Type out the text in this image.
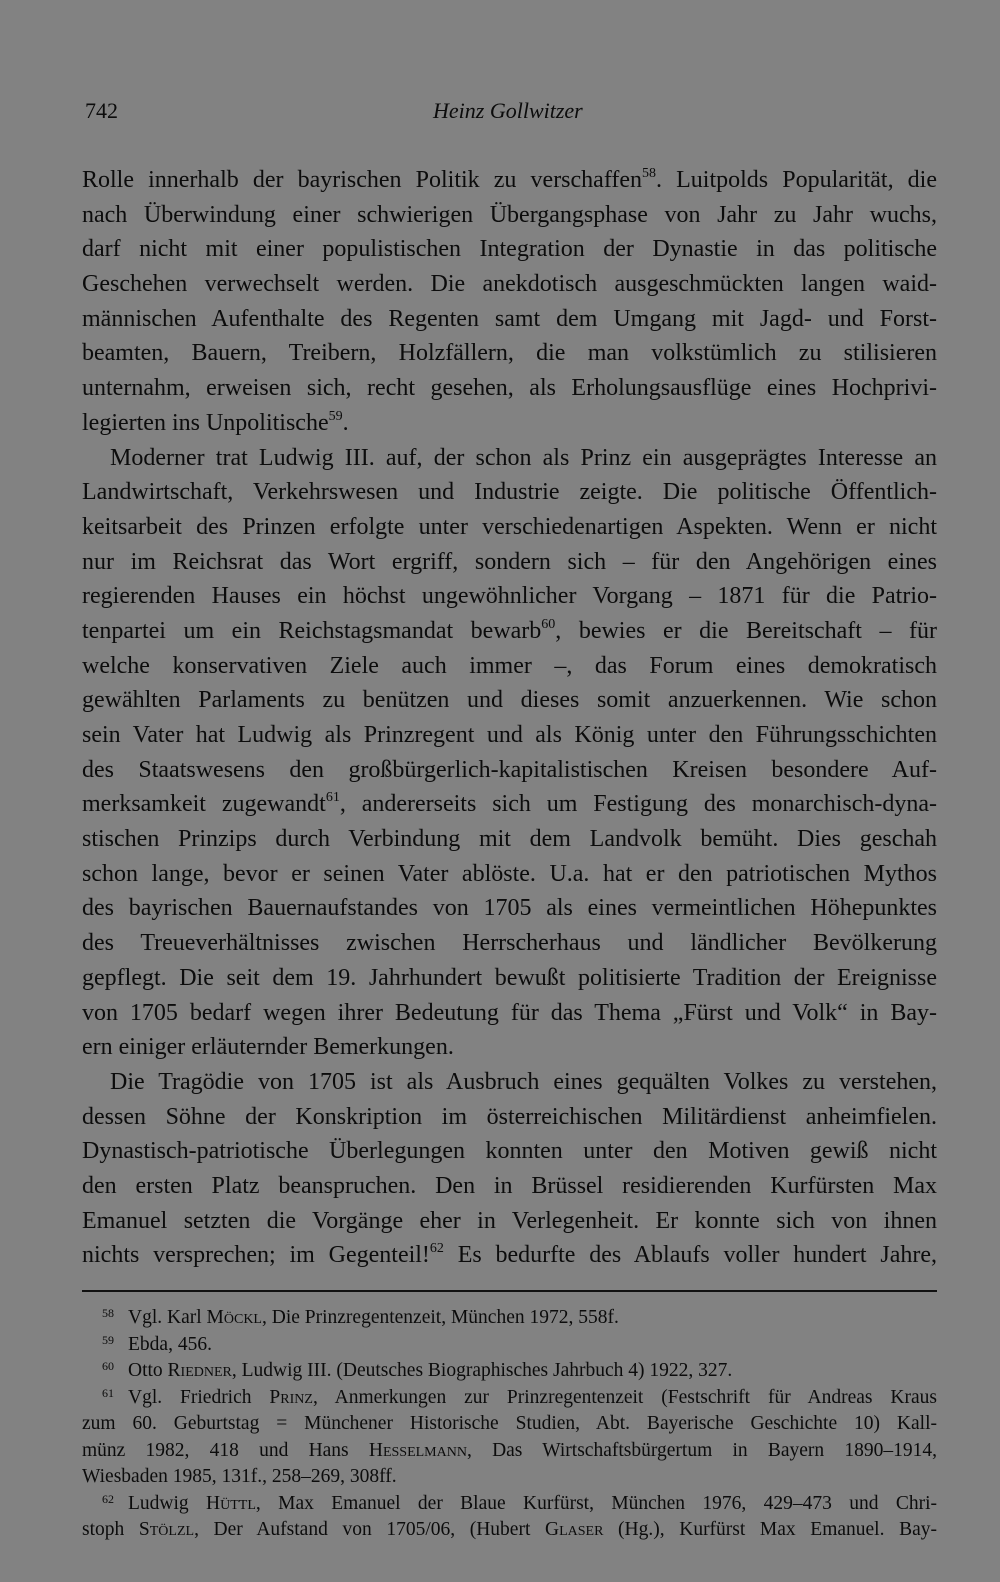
742	Heinz Gollwitzer
Rolle innerhalb der bayrischen Politik zu verschaffen$^{58}$. Luitpolds Popularität, die
nach Überwindung einer schwierigen Übergangsphase von Jahr zu Jahr wuchs,
darf nicht mit einer populistischen Integration der Dynastie in das politische
Geschehen verwechselt werden. Die anekdotisch ausgeschmückten langen waid-
männischen Aufenthalte des Regenten samt dem Umgang mit Jagd- und Forst-
beamten, Bauern, Treibern, Holzfällern, die man volkstümlich zu stilisieren
unternahm, erweisen sich, recht gesehen, als Erholungsausflüge eines Hochprivi-
legierten ins Unpolitische$^{59}$.
Moderner trat Ludwig III. auf, der schon als Prinz ein ausgeprägtes Interesse an
Landwirtschaft, Verkehrswesen und Industrie zeigte. Die politische Öffentlich-
keitsarbeit des Prinzen erfolgte unter verschiedenartigen Aspekten. Wenn er nicht
nur im Reichsrat das Wort ergriff, sondern sich – für den Angehörigen eines
regierenden Hauses ein höchst ungewöhnlicher Vorgang – 1871 für die Patrio-
tenpartei um ein Reichstagsmandat bewarb$^{60}$, bewies er die Bereitschaft – für
welche konservativen Ziele auch immer –, das Forum eines demokratisch
gewählten Parlaments zu benützen und dieses somit anzuerkennen. Wie schon
sein Vater hat Ludwig als Prinzregent und als König unter den Führungsschichten
des Staatswesens den großbürgerlich-kapitalistischen Kreisen besondere Auf-
merksamkeit zugewandt$^{61}$, andererseits sich um Festigung des monarchisch-dyna-
stischen Prinzips durch Verbindung mit dem Landvolk bemüht. Dies geschah
schon lange, bevor er seinen Vater ablöste. U.a. hat er den patriotischen Mythos
des bayrischen Bauernaufstandes von 1705 als eines vermeintlichen Höhepunktes
des Treueverhältnisses zwischen Herrscherhaus und ländlicher Bevölkerung
gepflegt. Die seit dem 19. Jahrhundert bewußt politisierte Tradition der Ereignisse
von 1705 bedarf wegen ihrer Bedeutung für das Thema „Fürst und Volk“ in Bay-
ern einiger erläuternder Bemerkungen.
Die Tragödie von 1705 ist als Ausbruch eines gequälten Volkes zu verstehen,
dessen Söhne der Konskription im österreichischen Militärdienst anheimfielen.
Dynastisch-patriotische Überlegungen konnten unter den Motiven gewiß nicht
den ersten Platz beanspruchen. Den in Brüssel residierenden Kurfürsten Max
Emanuel setzten die Vorgänge eher in Verlegenheit. Er konnte sich von ihnen
nichts versprechen; im Gegenteil!$^{62}$ Es bedurfte des Ablaufs voller hundert Jahre,
58 Vgl. Karl Möckl, Die Prinzregentenzeit, München 1972, 558f.
59 Ebda, 456.
60 Otto Riedner, Ludwig III. (Deutsches Biographisches Jahrbuch 4) 1922, 327.
61 Vgl. Friedrich Prinz, Anmerkungen zur Prinzregentenzeit (Festschrift für Andreas Kraus
zum 60. Geburtstag = Münchener Historische Studien, Abt. Bayerische Geschichte 10) Kall-
münz 1982, 418 und Hans Hesselmann, Das Wirtschaftsbürgertum in Bayern 1890–1914,
Wiesbaden 1985, 131f., 258–269, 308ff.
62 Ludwig Hüttl, Max Emanuel der Blaue Kurfürst, München 1976, 429–473 und Chri-
stoph Stölzl, Der Aufstand von 1705/06, (Hubert Glaser (Hg.), Kurfürst Max Emanuel. Bay-
